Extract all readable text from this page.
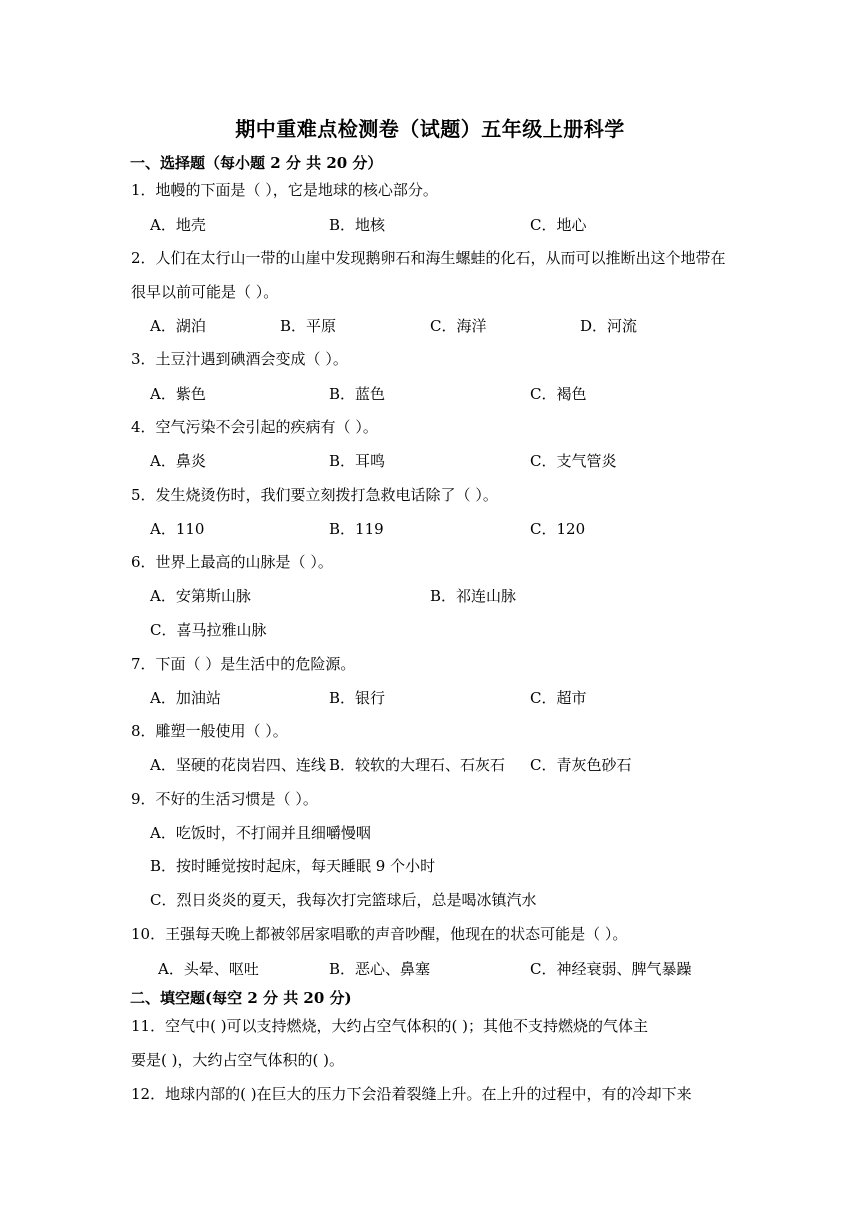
期中重难点检测卷（试题）五年级上册科学
一、选择题（每小题 2 分 共 20 分）
1．地幔的下面是（ ），它是地球的核心部分。
A．地壳	B．地核	C．地心
2．人们在太行山一带的山崖中发现鹅卵石和海生螺蛙的化石，从而可以推断出这个地带在
很早以前可能是（ ）。
A．湖泊	B．平原	C．海洋	D．河流
3．土豆汁遇到碘酒会变成（ ）。
A．紫色	B．蓝色	C．褐色
4．空气污染不会引起的疾病有（ ）。
A．鼻炎	B．耳鸣	C．支气管炎
5．发生烧烫伤时，我们要立刻拨打急救电话除了（ ）。
A．110	B．119	C．120
6．世界上最高的山脉是（ ）。
A．安第斯山脉	B．祁连山脉
C．喜马拉雅山脉
7．下面（ ）是生活中的危险源。
A．加油站	B．银行	C．超市
8．雕塑一般使用（ ）。
A．坚硬的花岗岩四、连线 B．较软的大理石、石灰石 C．青灰色砂石
9．不好的生活习惯是（ ）。
A．吃饭时，不打闹并且细嚼慢咽
B．按时睡觉按时起床，每天睡眠 9 个小时
C．烈日炎炎的夏天，我每次打完篮球后，总是喝冰镇汽水
10．王强每天晚上都被邻居家唱歌的声音吵醒，他现在的状态可能是（ ）。
A．头晕、呕吐	B．恶心、鼻塞	C．神经衰弱、脾气暴躁
二、填空题(每空 2 分 共 20 分)
11．空气中( )可以支持燃烧，大约占空气体积的( )；其他不支持燃烧的气体主
要是( )，大约占空气体积的( )。
12．地球内部的( )在巨大的压力下会沿着裂缝上升。在上升的过程中，有的冷却下来
